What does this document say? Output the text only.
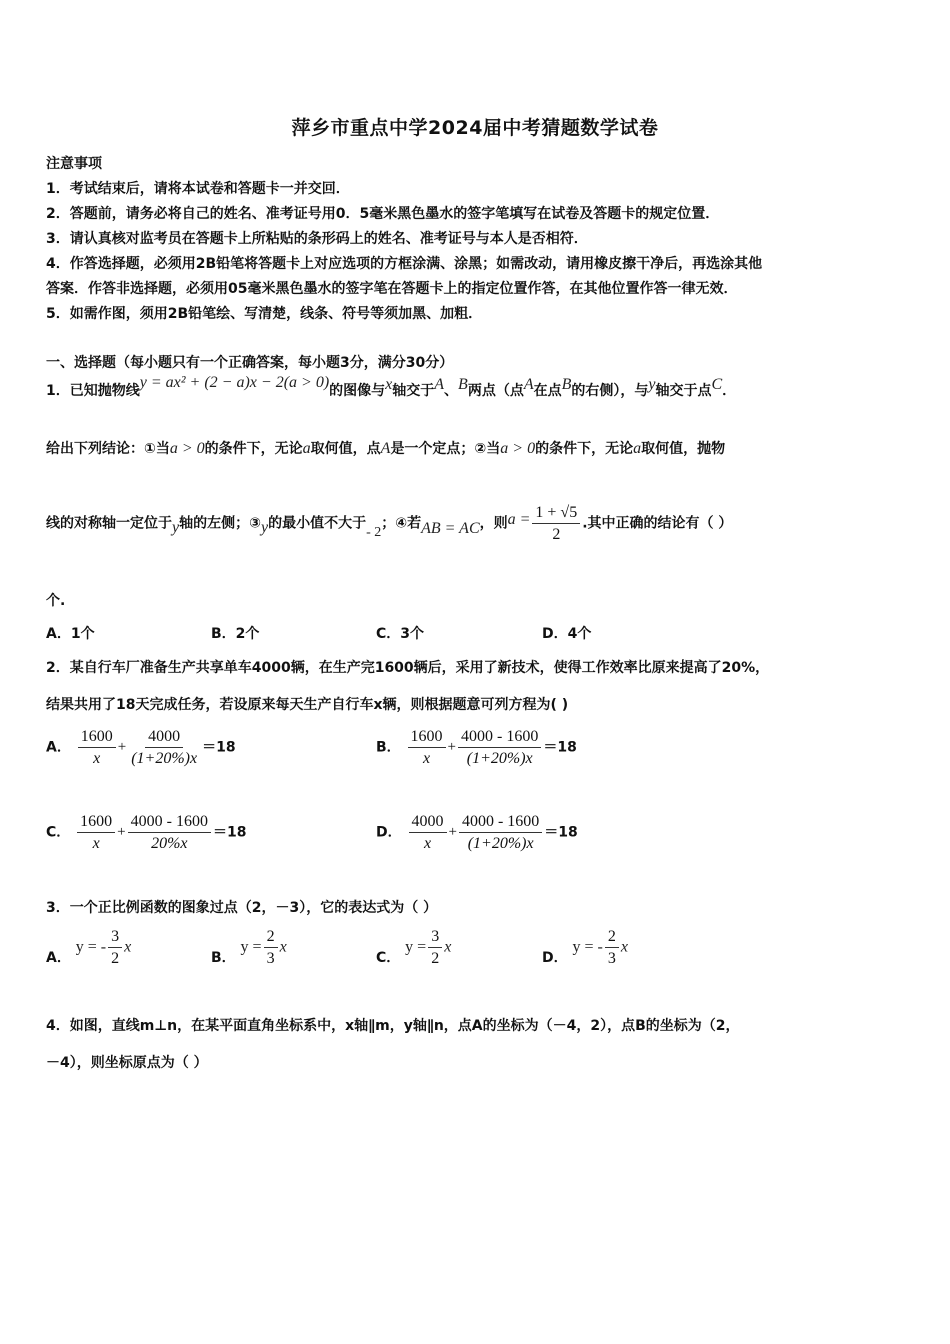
萍乡市重点中学2024届中考猜题数学试卷
注意事项
1．考试结束后，请将本试卷和答题卡一并交回．
2．答题前，请务必将自己的姓名、准考证号用0．5毫米黑色墨水的签字笔填写在试卷及答题卡的规定位置．
3．请认真核对监考员在答题卡上所粘贴的条形码上的姓名、准考证号与本人是否相符．
4．作答选择题，必须用2B铅笔将答题卡上对应选项的方框涂满、涂黑；如需改动，请用橡皮擦干净后，再选涂其他
答案．作答非选择题，必须用05毫米黑色墨水的签字笔在答题卡上的指定位置作答，在其他位置作答一律无效．
5．如需作图，须用2B铅笔绘、写清楚，线条、符号等须加黑、加粗．
一、选择题（每小题只有一个正确答案，每小题3分，满分30分）
1．已知抛物线y = ax² + (2 − a)x − 2(a > 0)的图像与x轴交于A、B两点（点A在点B的右侧），与y轴交于点C．
给出下列结论：①当a > 0的条件下，无论a取何值，点A是一个定点；②当a > 0的条件下，无论a取何值，抛物
线的对称轴一定位于y轴的左侧；③y的最小值不大于- 2；④若AB = AC，则$a = \frac{1 + √5}{2}$ .其中正确的结论有（ ）
个.
A．1个	B．2个	C．3个	D．4个
2．某自行车厂准备生产共享单车4000辆，在生产完1600辆后，采用了新技术，使得工作效率比原来提高了20%，
结果共用了18天完成任务，若设原来每天生产自行车x辆，则根据题意可列方程为( )
A． $\frac{1600}{x} + \frac{4000}{(1+20\%)x} =18$	B． $\frac{1600}{x} + \frac{4000 - 1600}{(1+20\%)x} =18$
C． $\frac{1600}{x} + \frac{4000 - 1600}{20\%x} =18$	D． $\frac{4000}{x} + \frac{4000 - 1600}{(1+20\%)x} =18$
3．一个正比例函数的图象过点（2，－3），它的表达式为（ ）
A． y = - $\frac{3}{2}$ x
B． $y = \frac{2}{3}$ x
C． $y = \frac{3}{2}$ x
D． y = - $\frac{2}{3}$ x
4．如图，直线m⊥n，在某平面直角坐标系中，x轴∥m，y轴∥n，点A的坐标为（－4，2），点B的坐标为（2，
－4），则坐标原点为（ ）
